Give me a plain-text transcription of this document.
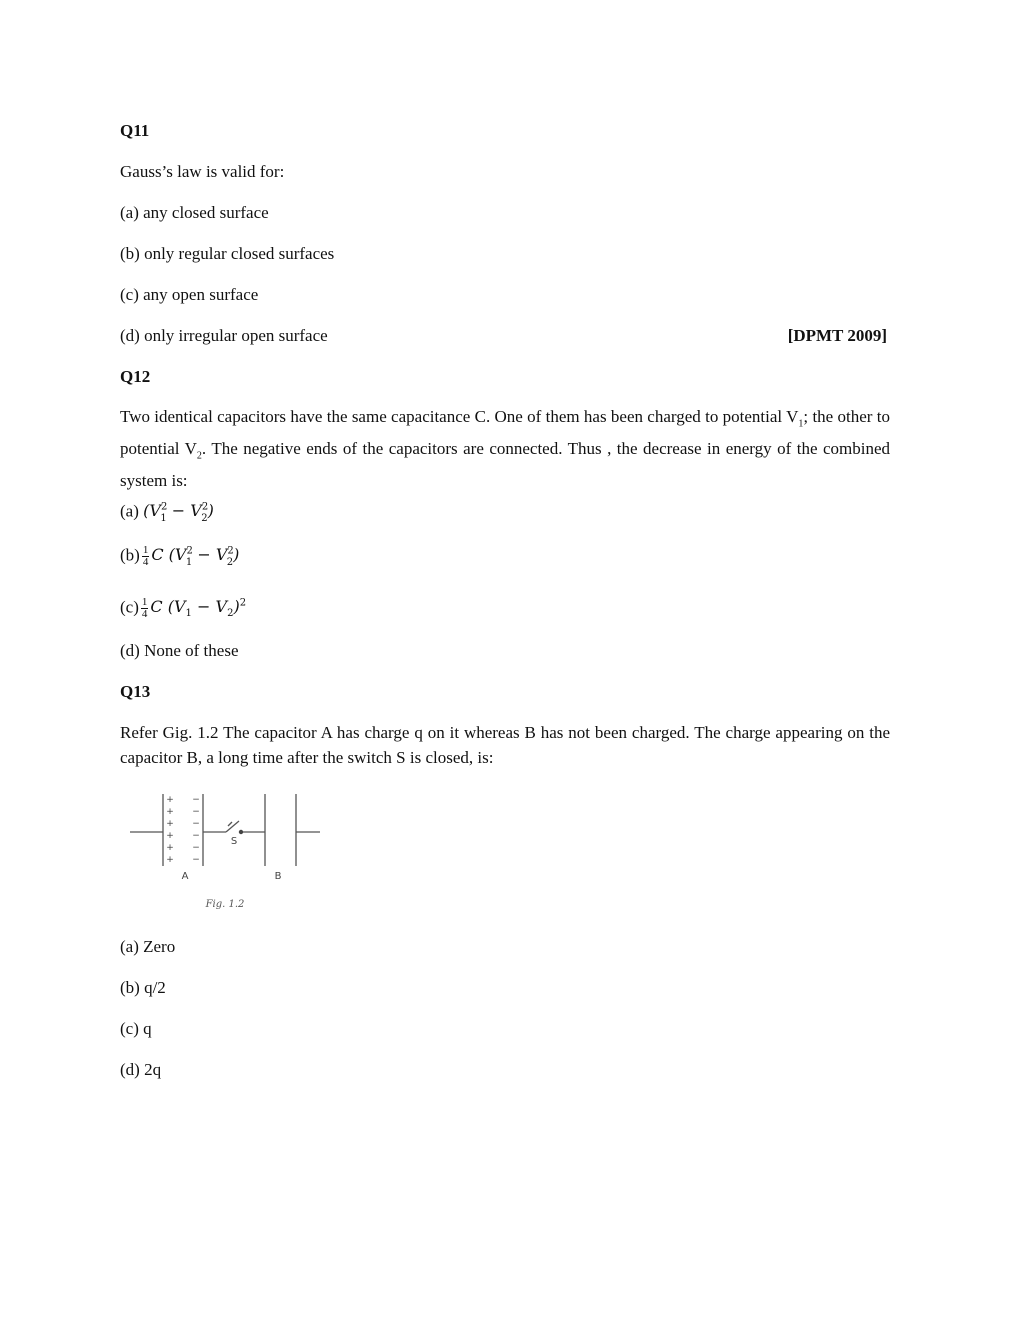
Q11
Gauss’s law is valid for:
(a) any closed surface
(b) only regular closed surfaces
(c) any open surface
(d) only irregular open surface	[DPMT 2009]
Q12
Two identical capacitors have the same capacitance C. One of them has been charged to potential $V_1$; the other to potential $V_2$. The negative ends of the capacitors are connected. Thus , the decrease in energy of the combined system is:
(a) $(V^2_1 - V^2_2)$
$(b) \frac{1}{4}$ C $(V^2_1 - V^2_2)$
$(c) \frac{1}{4}$ C $(V_1 - V_2)^2$
(d) None of these
Q13
Refer Gig. 1.2 The capacitor A has charge q on it whereas B has not been charged. The charge appearing on the capacitor B, a long time after the switch S is closed, is:
+
+
+
+
+
+
−
−
−
−
−
−
S
A	B
Fig. 1.2
(a) Zero
(b) q/2
(c) q
(d) 2q
